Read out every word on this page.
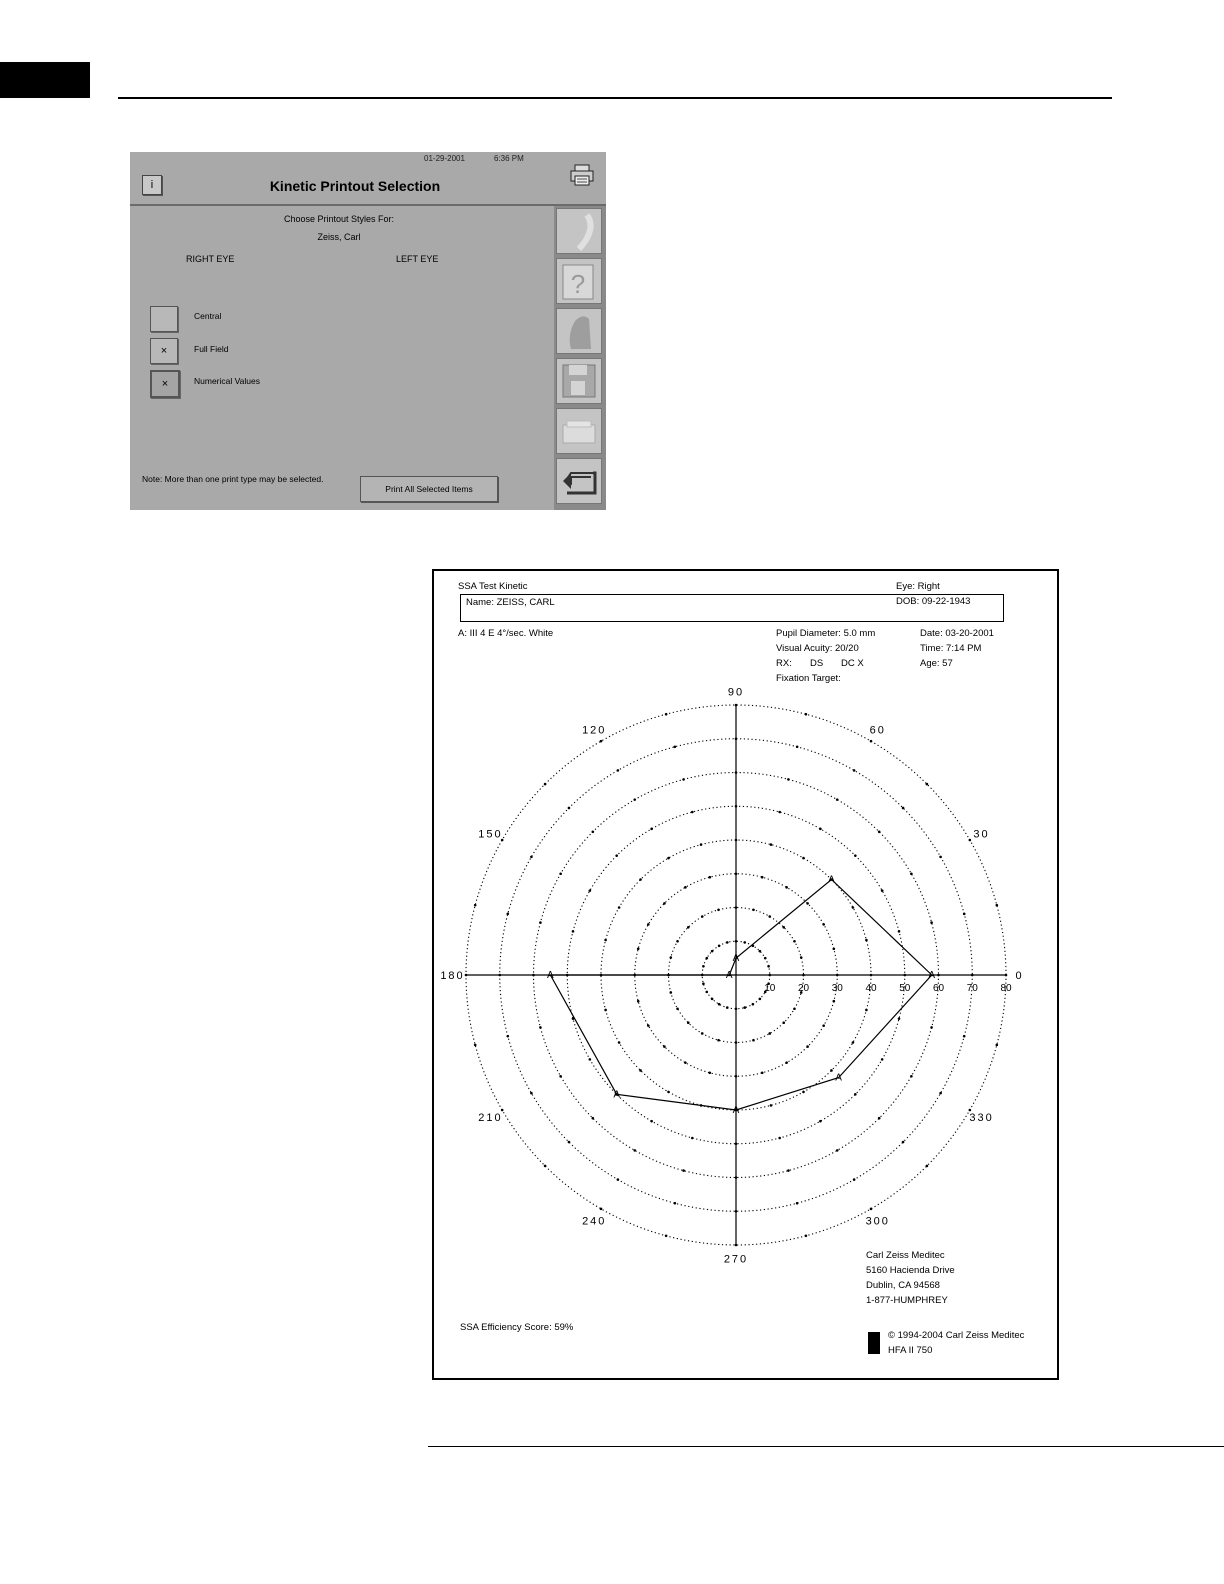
01-29-2001	6:36 PM
i	Kinetic Printout Selection
Choose Printout Styles For:
Zeiss, Carl
RIGHT EYE	LEFT EYE
Central
×	Full Field
×	Numerical Values
Note: More than one print type may be selected.
Print All Selected Items
?
SSA Test Kinetic	Eye: Right
Name: ZEISS, CARL	DOB: 09-22-1943
A: III 4 E 4°/sec. White	Pupil Diameter: 5.0 mm
Visual Acuity: 20/20
RX: DS DC X
Fixation Target:
Date: 03-20-2001
Time: 7:14 PM
Age: 57
10 20 30 40 50 60 70 80
0
30
60
90
120
150
180
210
240
270
300
330
A
A
A
A
A
A
A
A
Carl Zeiss Meditec
5160 Hacienda Drive
Dublin, CA 94568
1-877-HUMPHREY
SSA Efficiency Score: 59%
© 1994-2004 Carl Zeiss Meditec
HFA II 750
